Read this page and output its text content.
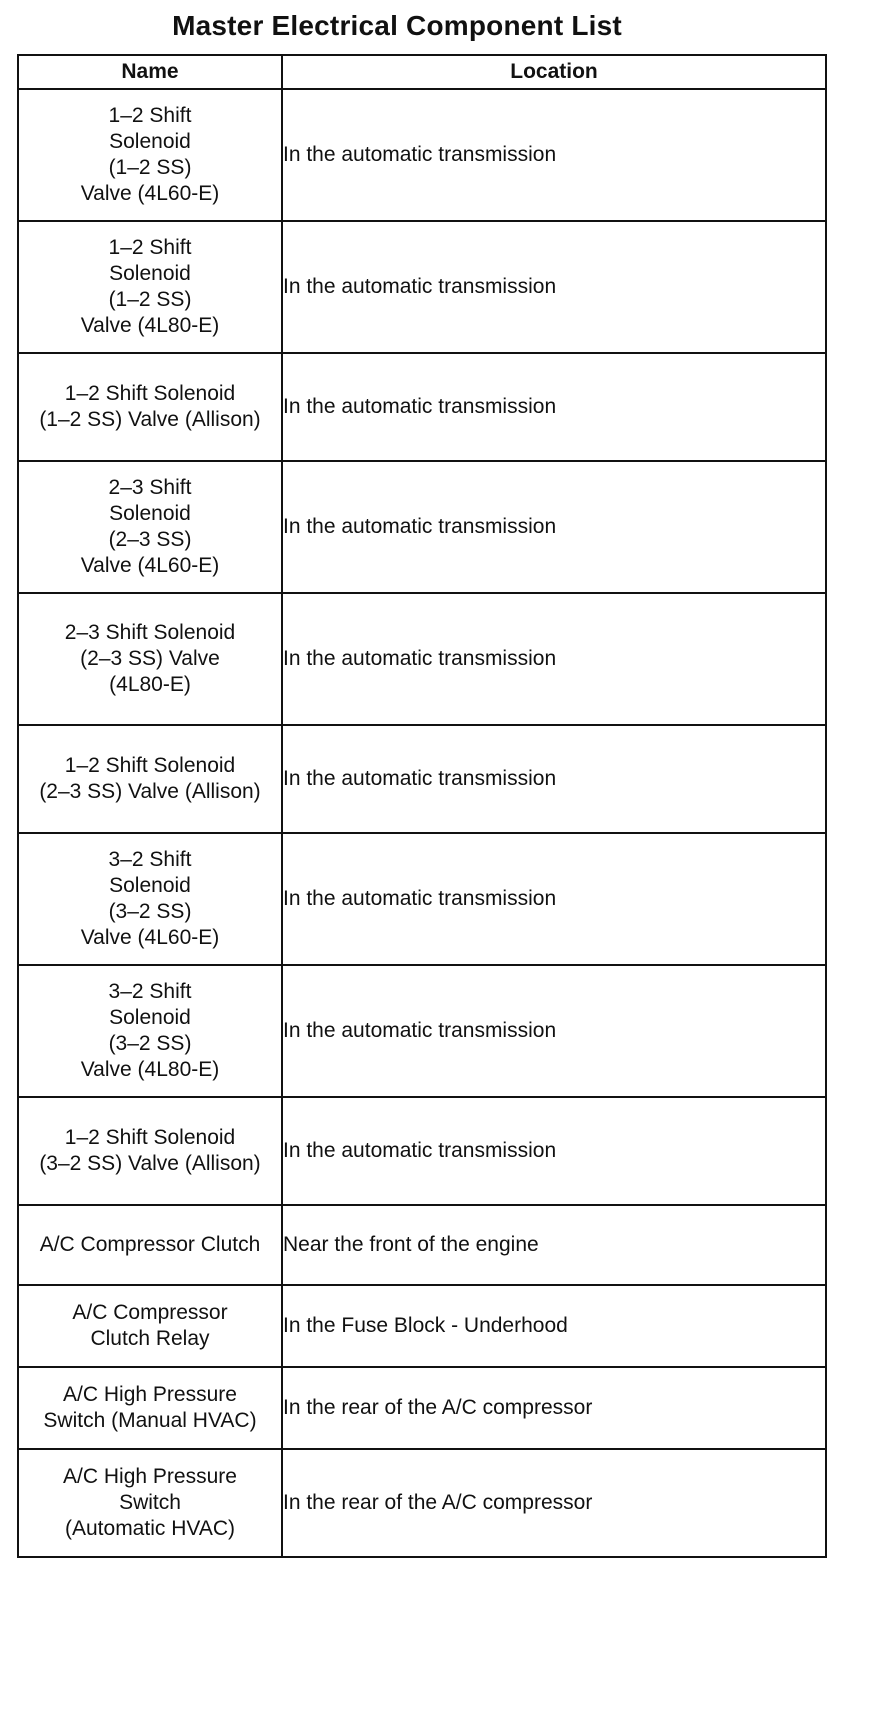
Master Electrical Component List
Name	Location
1–2 Shift
Solenoid
(1–2 SS)
Valve (4L60-E)	In the automatic transmission
1–2 Shift
Solenoid
(1–2 SS)
Valve (4L80-E)	In the automatic transmission
1–2 Shift Solenoid
(1–2 SS) Valve (Allison)	In the automatic transmission
2–3 Shift
Solenoid
(2–3 SS)
Valve (4L60-E)	In the automatic transmission
2–3 Shift Solenoid
(2–3 SS) Valve
(4L80-E)	In the automatic transmission
1–2 Shift Solenoid
(2–3 SS) Valve (Allison)	In the automatic transmission
3–2 Shift
Solenoid
(3–2 SS)
Valve (4L60-E)	In the automatic transmission
3–2 Shift
Solenoid
(3–2 SS)
Valve (4L80-E)	In the automatic transmission
1–2 Shift Solenoid
(3–2 SS) Valve (Allison)	In the automatic transmission
A/C Compressor Clutch	Near the front of the engine
A/C Compressor
Clutch Relay	In the Fuse Block - Underhood
A/C High Pressure
Switch (Manual HVAC)	In the rear of the A/C compressor
A/C High Pressure
Switch
(Automatic HVAC)	In the rear of the A/C compressor
